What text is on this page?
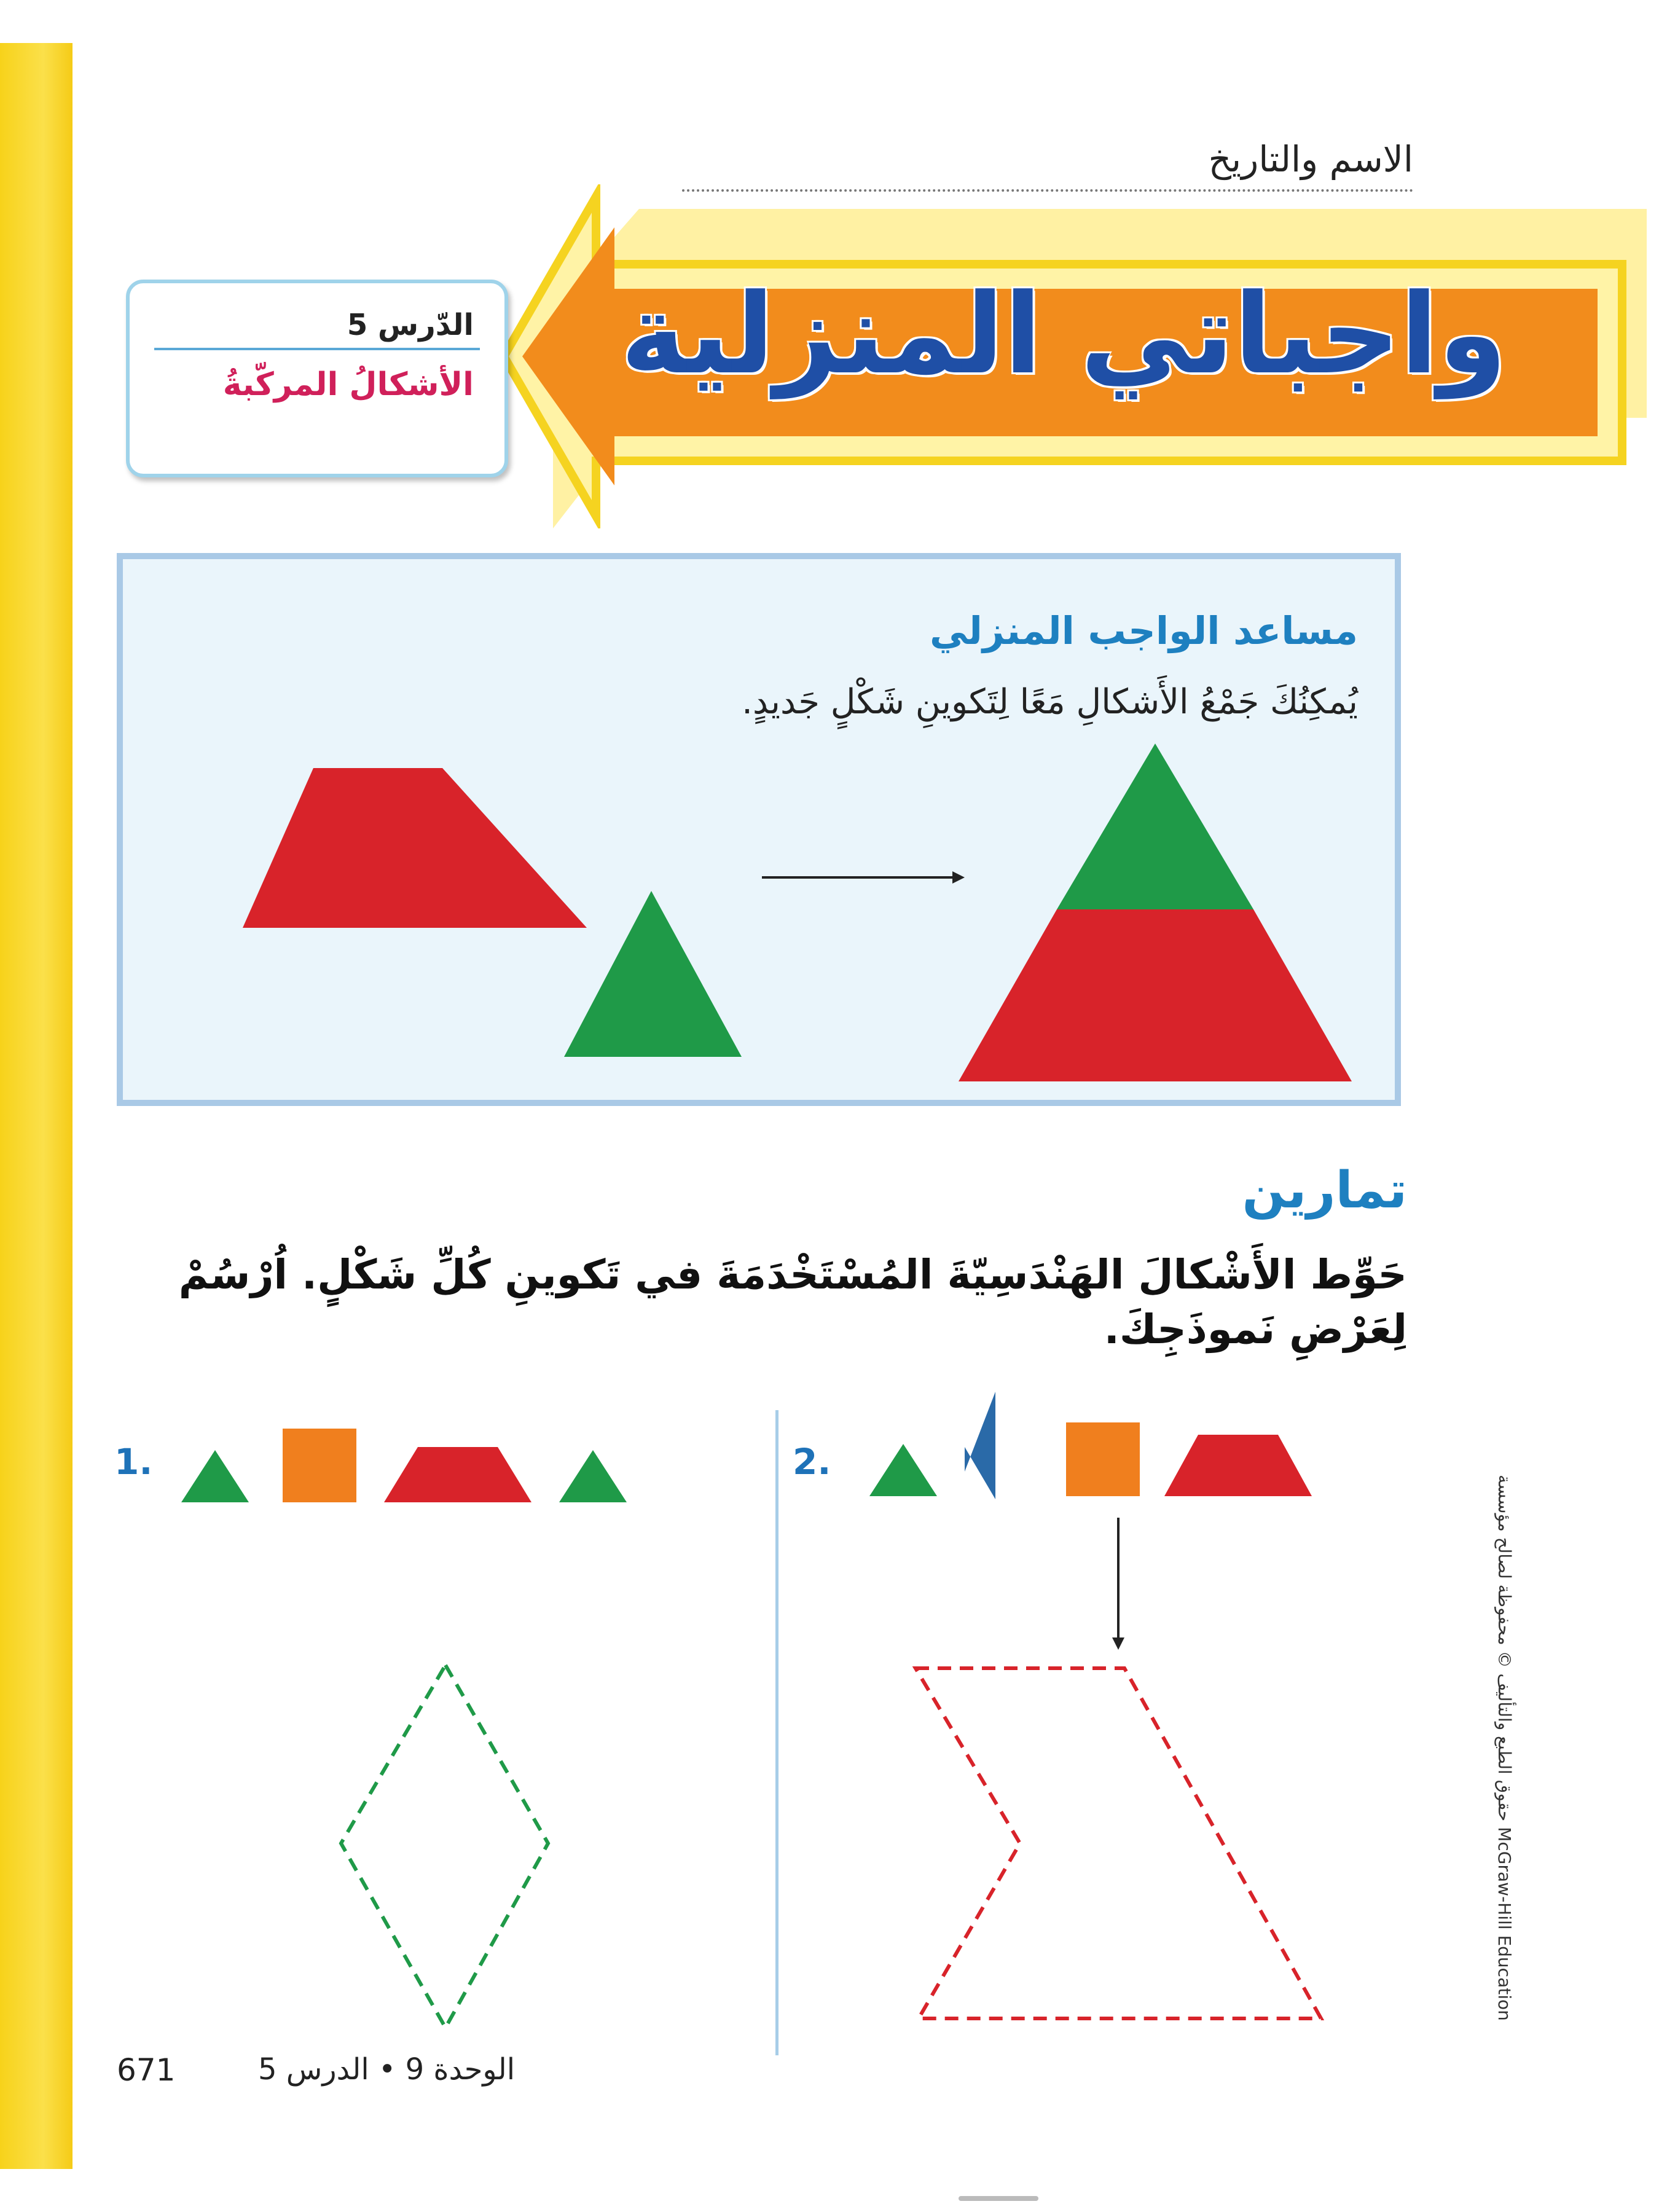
الاسم والتاريخ
واجباتي المنزلية
الدّرس 5
الأشكالُ المركّبةُ
مساعد الواجب المنزلي
يُمكِنُكَ جَمْعُ الأَشكالِ مَعًا لِتَكوينِ شَكْلٍ جَديدٍ.
تمارين
حَوِّط الأَشْكالَ الهَنْدَسِيّةَ المُسْتَخْدَمَةَ في تَكوينِ كُلِّ شَكْلٍ. اُرْسُمْ لِعَرْضِ نَموذَجِكَ.
1.	2.
حقوق الطبع والتأليف © محفوظة لصالح مؤسسة McGraw-Hill Education
671	الوحدة 9 • الدرس 5
